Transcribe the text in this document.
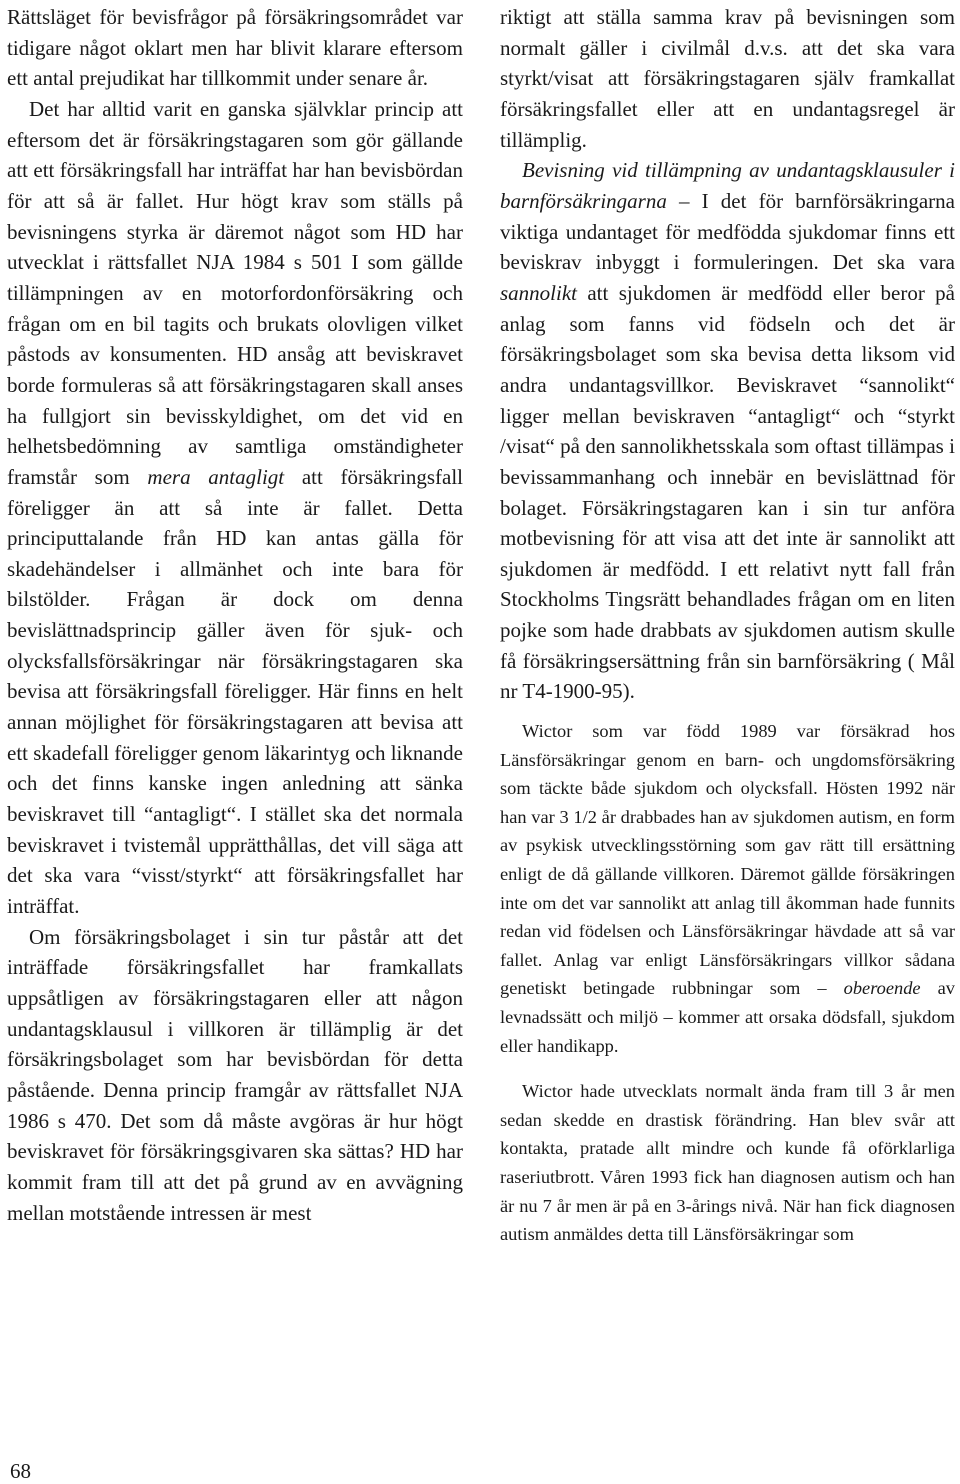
Rättsläget för bevisfrågor på försäkringsområdet var tidigare något oklart men har blivit klarare eftersom ett antal prejudikat har tillkommit under senare år.

Det har alltid varit en ganska självklar princip att eftersom det är försäkringstagaren som gör gällande att ett försäkringsfall har inträffat har han bevisbördan för att så är fallet. Hur högt krav som ställs på bevisningens styrka är däremot något som HD har utvecklat i rättsfallet NJA 1984 s 501 I som gällde tillämpningen av en motorfordonförsäkring och frågan om en bil tagits och brukats olovligen vilket påstods av konsumenten. HD ansåg att beviskravet borde formuleras så att försäkringstagaren skall anses ha fullgjort sin bevisskyldighet, om det vid en helhetsbedömning av samtliga omständigheter framstår som mera antagligt att försäkringsfall föreligger än att så inte är fallet. Detta principuttalande från HD kan antas gälla för skadehändelser i allmänhet och inte bara för bilstölder. Frågan är dock om denna bevislättnadsprincip gäller även för sjuk- och olycksfallsförsäkringar när försäkringstagaren ska bevisa att försäkringsfall föreligger. Här finns en helt annan möjlighet för försäkringstagaren att bevisa att ett skadefall föreligger genom läkarintyg och liknande och det finns kanske ingen anledning att sänka beviskravet till “antagligt“. I stället ska det normala beviskravet i tvistemål upprätthållas, det vill säga att det ska vara “visst/styrkt“ att försäkringsfallet har inträffat.

Om försäkringsbolaget i sin tur påstår att det inträffade försäkringsfallet har framkallats uppsåtligen av försäkringstagaren eller att någon undantagsklausul i villkoren är tillämplig är det försäkringsbolaget som har bevisbördan för detta påstående. Denna princip framgår av rättsfallet NJA 1986 s 470. Det som då måste avgöras är hur högt beviskravet för försäkringsgivaren ska sättas? HD har kommit fram till att det på grund av en avvägning mellan motstående intressen är mest

riktigt att ställa samma krav på bevisningen som normalt gäller i civilmål d.v.s. att det ska vara styrkt/visat att försäkringstagaren själv framkallat försäkringsfallet eller att en undantagsregel är tillämplig.

Bevisning vid tillämpning av undantagsklausuler i barnförsäkringarna – I det för barnförsäkringarna viktiga undantaget för medfödda sjukdomar finns ett beviskrav inbyggt i formuleringen. Det ska vara sannolikt att sjukdomen är medfödd eller beror på anlag som fanns vid födseln och det är försäkringsbolaget som ska bevisa detta liksom vid andra undantagsvillkor. Beviskravet “sannolikt“ ligger mellan beviskraven “antagligt“ och “styrkt /visat“ på den sannolikhetsskala som oftast tillämpas i bevissammanhang och innebär en bevislättnad för bolaget. Försäkringstagaren kan i sin tur anföra motbevisning för att visa att det inte är sannolikt att sjukdomen är medfödd. I ett relativt nytt fall från Stockholms Tingsrätt behandlades frågan om en liten pojke som hade drabbats av sjukdomen autism skulle få försäkringsersättning från sin barnförsäkring ( Mål nr T4-1900-95).

Wictor som var född 1989 var försäkrad hos Länsförsäkringar genom en barn- och ungdomsförsäkring som täckte både sjukdom och olycksfall. Hösten 1992 när han var 3 1/2 år drabbades han av sjukdomen autism, en form av psykisk utvecklingsstörning som gav rätt till ersättning enligt de då gällande villkoren. Däremot gällde försäkringen inte om det var sannolikt att anlag till åkomman hade funnits redan vid födelsen och Länsförsäkringar hävdade att så var fallet. Anlag var enligt Länsförsäkringars villkor sådana genetiskt betingade rubbningar som – oberoende av levnadssätt och miljö – kommer att orsaka dödsfall, sjukdom eller handikapp.

Wictor hade utvecklats normalt ända fram till 3 år men sedan skedde en drastisk förändring. Han blev svår att kontakta, pratade allt mindre och kunde få oförklarliga raseriutbrott. Våren 1993 fick han diagnosen autism och han är nu 7 år men är på en 3-årings nivå. När han fick diagnosen autism anmäldes detta till Länsförsäkringar som

68
